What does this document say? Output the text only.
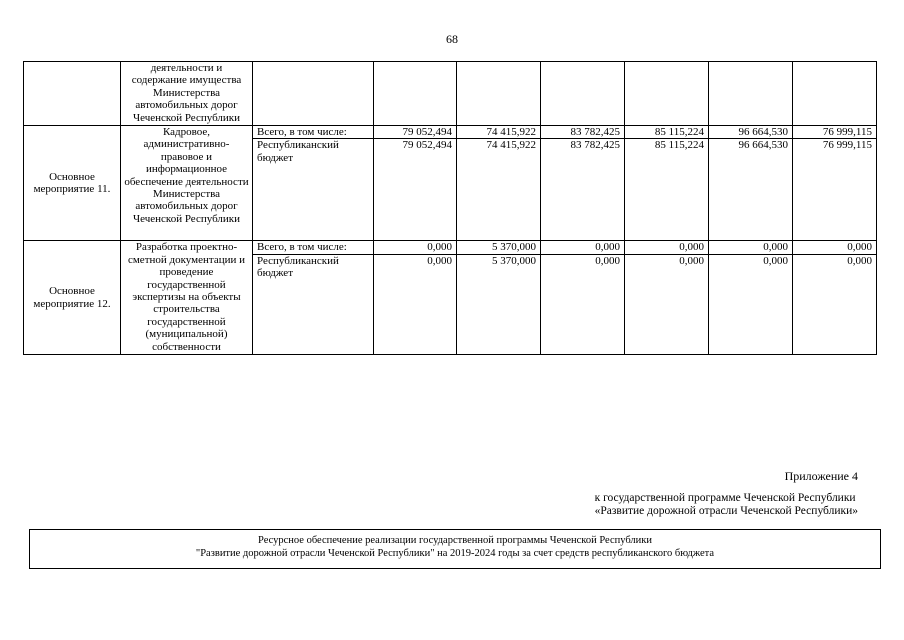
68
	деятельности и содержание имущества Министерства автомобильных дорог Чеченской Республики							
Основное мероприятие 11.	Кадровое, административно-правовое и информационное обеспечение деятельности Министерства автомобильных дорог Чеченской Республики	Всего, в том числе:	79 052,494	74 415,922	83 782,425	85 115,224	96 664,530	76 999,115
		Республиканский бюджет	79 052,494	74 415,922	83 782,425	85 115,224	96 664,530	76 999,115
Основное мероприятие 12.	Разработка проектно-сметной документации и проведение государственной экспертизы на объекты строительства государственной (муниципальной) собственности	Всего, в том числе:	0,000	5 370,000	0,000	0,000	0,000	0,000
		Республиканский бюджет	0,000	5 370,000	0,000	0,000	0,000	0,000
Приложение 4
к государственной программе Чеченской Республики
«Развитие дорожной отрасли Чеченской Республики»
Ресурсное обеспечение реализации государственной программы Чеченской Республики
"Развитие дорожной отрасли Чеченской Республики" на 2019-2024 годы за счет средств республиканского бюджета
